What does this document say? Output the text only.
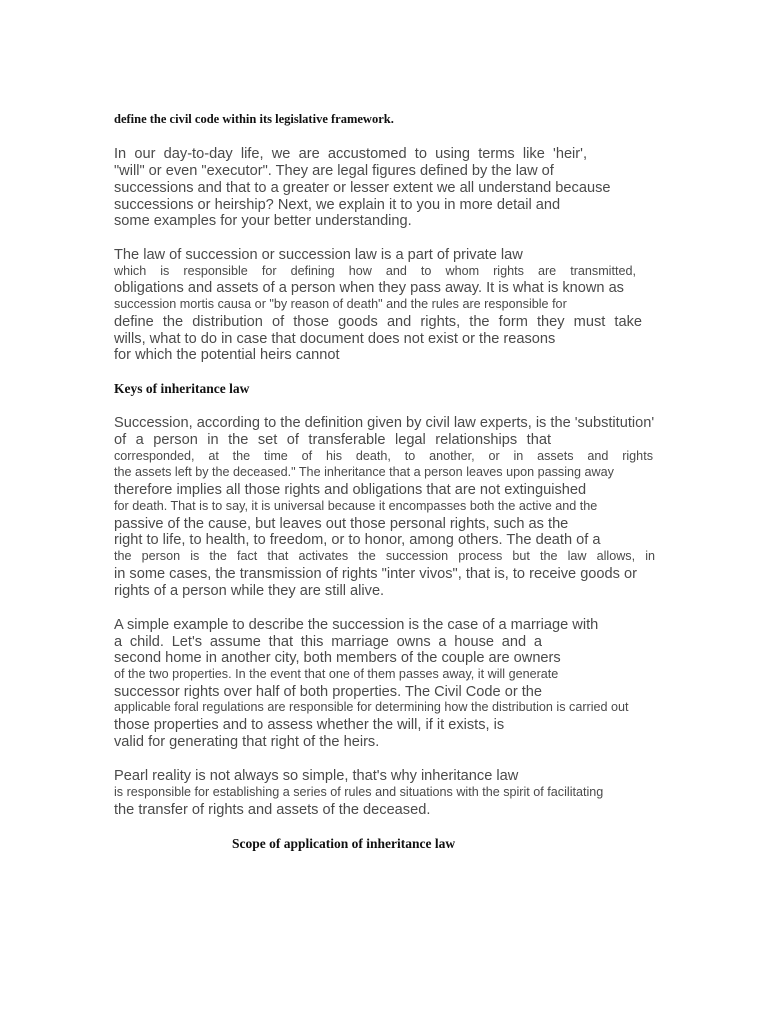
define the civil code within its legislative framework.
In our day-to-day life, we are accustomed to using terms like 'heir',
"will" or even "executor". They are legal figures defined by the law of
successions and that to a greater or lesser extent we all understand because
successions or heirship? Next, we explain it to you in more detail and
some examples for your better understanding.
The law of succession or succession law is a part of private law
which is responsible for defining how and to whom rights are transmitted,
obligations and assets of a person when they pass away. It is what is known as
succession mortis causa or "by reason of death" and the rules are responsible for
define the distribution of those goods and rights, the form they must take
wills, what to do in case that document does not exist or the reasons
for which the potential heirs cannot
Keys of inheritance law
Succession, according to the definition given by civil law experts, is the 'substitution'
of a person in the set of transferable legal relationships that
corresponded, at the time of his death, to another, or in assets and rights
the assets left by the deceased." The inheritance that a person leaves upon passing away
therefore implies all those rights and obligations that are not extinguished
for death. That is to say, it is universal because it encompasses both the active and the
passive of the cause, but leaves out those personal rights, such as the
right to life, to health, to freedom, or to honor, among others. The death of a
the person is the fact that activates the succession process but the law allows, in
in some cases, the transmission of rights "inter vivos", that is, to receive goods or
rights of a person while they are still alive.
A simple example to describe the succession is the case of a marriage with
a child. Let's assume that this marriage owns a house and a
second home in another city, both members of the couple are owners
of the two properties. In the event that one of them passes away, it will generate
successor rights over half of both properties. The Civil Code or the
applicable foral regulations are responsible for determining how the distribution is carried out
those properties and to assess whether the will, if it exists, is
valid for generating that right of the heirs.
Pearl reality is not always so simple, that's why inheritance law
is responsible for establishing a series of rules and situations with the spirit of facilitating
the transfer of rights and assets of the deceased.
Scope of application of inheritance law
